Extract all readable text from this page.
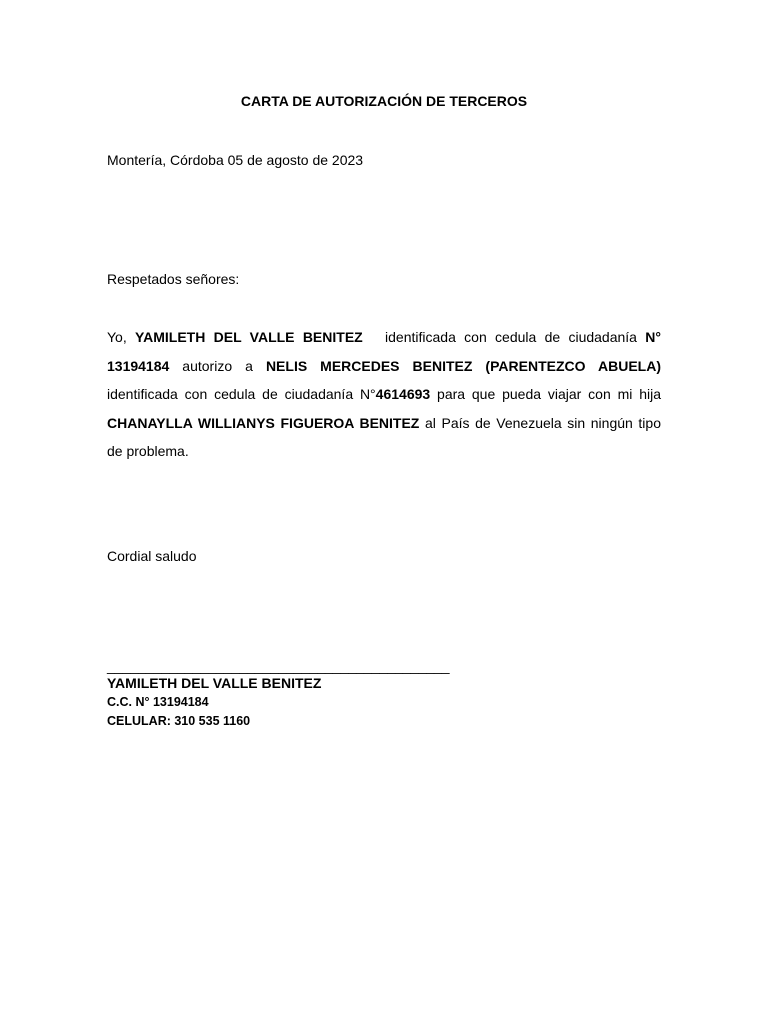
CARTA DE AUTORIZACIÓN DE TERCEROS
Montería, Córdoba 05 de agosto de 2023
Respetados señores:
Yo, YAMILETH DEL VALLE BENITEZ identificada con cedula de ciudadanía N° 13194184 autorizo a NELIS MERCEDES BENITEZ (PARENTEZCO ABUELA) identificada con cedula de ciudadanía N°4614693 para que pueda viajar con mi hija CHANAYLLA WILLIANYS FIGUEROA BENITEZ al País de Venezuela sin ningún tipo de problema.
Cordial saludo
____________________________________________
YAMILETH DEL VALLE BENITEZ
C.C. N° 13194184
CELULAR: 310 535 1160
